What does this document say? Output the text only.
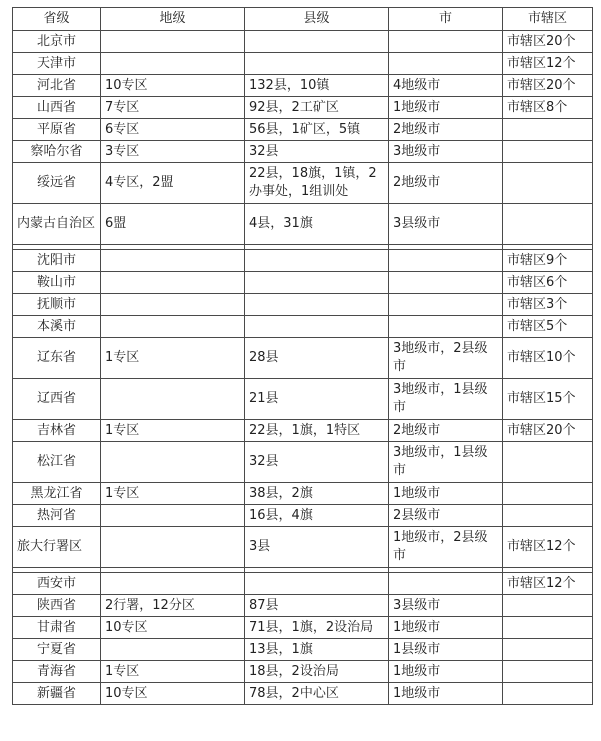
省级	地级	县级	市	市辖区
北京市				市辖区20个
天津市				市辖区12个
河北省	10专区	132县，10镇	4地级市	市辖区20个
山西省	7专区	92县，2工矿区	1地级市	市辖区8个
平原省	6专区	56县，1矿区，5镇	2地级市	
察哈尔省	3专区	32县	3地级市	
绥远省	4专区，2盟	22县，18旗，1镇，2办事处，1组训处	2地级市	
内蒙古自治区	6盟	4县，31旗	3县级市	

沈阳市				市辖区9个
鞍山市				市辖区6个
抚顺市				市辖区3个
本溪市				市辖区5个
辽东省	1专区	28县	3地级市，2县级市	市辖区10个
辽西省		21县	3地级市，1县级市	市辖区15个
吉林省	1专区	22县，1旗，1特区	2地级市	市辖区20个
松江省		32县	3地级市，1县级市	
黑龙江省	1专区	38县，2旗	1地级市	
热河省		16县，4旗	2县级市	
旅大行署区		3县	1地级市，2县级市	市辖区12个

西安市				市辖区12个
陕西省	2行署，12分区	87县	3县级市	
甘肃省	10专区	71县，1旗，2设治局	1地级市	
宁夏省		13县，1旗	1县级市	
青海省	1专区	18县，2设治局	1地级市	
新疆省	10专区	78县，2中心区	1地级市	
